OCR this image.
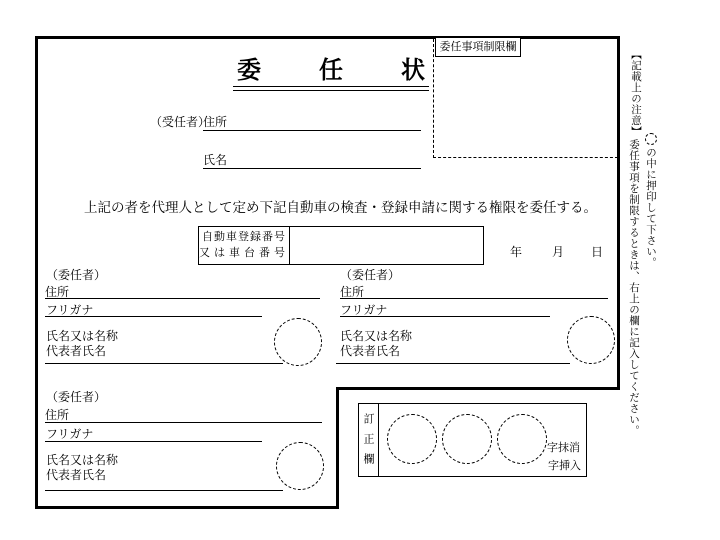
委任事項制限欄
委任状
（受任者）
住所
氏名
上記の者を代理人として定め下記自動車の検査・登録申請に関する権限を委任する。
自動車登録番号
又は車台番号	年 月 日
（委任者）
住所
フリガナ
氏名又は名称
代表者氏名
（委任者）
住所
フリガナ
氏名又は名称
代表者氏名
（委任者）
住所
フリガナ
氏名又は名称
代表者氏名
訂正欄	字抹消
字挿入
【記載上の注意】
の中に押印して下さい。
委任事項を制限するときは、右上の欄に記入してください。
